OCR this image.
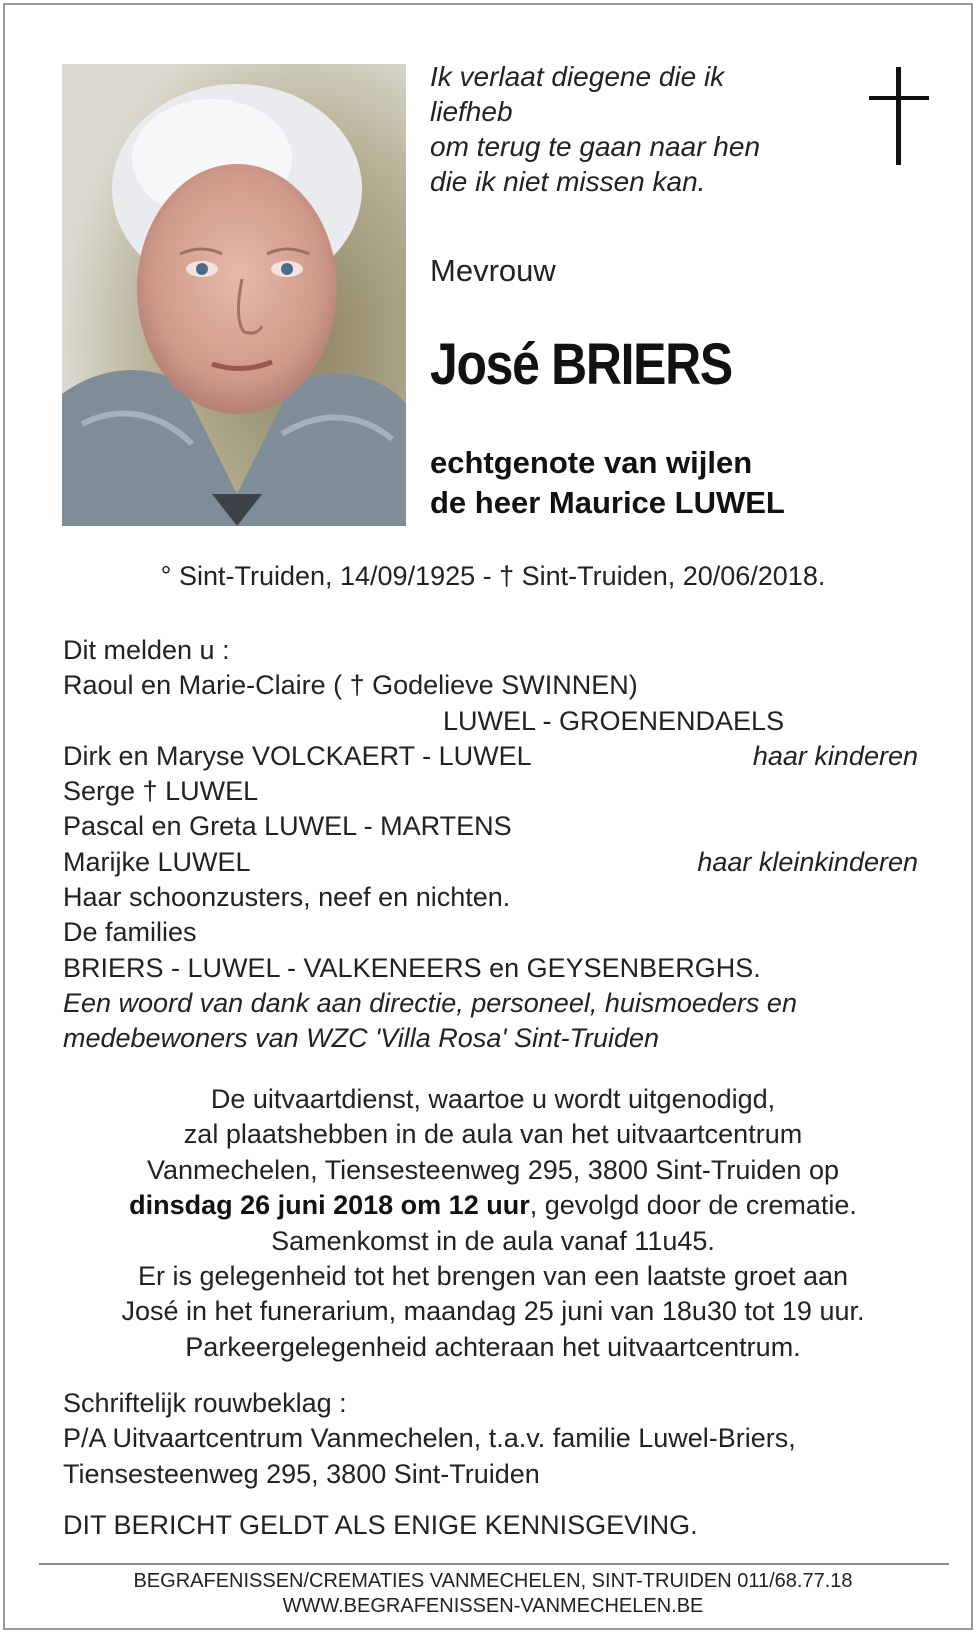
Ik verlaat diegene die ik
liefheb
om terug te gaan naar hen
die ik niet missen kan.
Mevrouw
José BRIERS
echtgenote van wijlen
de heer Maurice LUWEL
° Sint-Truiden, 14/09/1925 - † Sint-Truiden, 20/06/2018.
Dit melden u :
Raoul en Marie-Claire ( † Godelieve SWINNEN)
LUWEL - GROENENDAELS
Dirk en Maryse VOLCKAERT - LUWEL	haar kinderen
Serge † LUWEL
Pascal en Greta LUWEL - MARTENS
Marijke LUWEL	haar kleinkinderen
Haar schoonzusters, neef en nichten.
De families
BRIERS - LUWEL - VALKENEERS en GEYSENBERGHS.
Een woord van dank aan directie, personeel, huismoeders en
medebewoners van WZC 'Villa Rosa' Sint-Truiden
De uitvaartdienst, waartoe u wordt uitgenodigd,
zal plaatshebben in de aula van het uitvaartcentrum
Vanmechelen, Tiensesteenweg 295, 3800 Sint-Truiden op
dinsdag 26 juni 2018 om 12 uur, gevolgd door de crematie.
Samenkomst in de aula vanaf 11u45.
Er is gelegenheid tot het brengen van een laatste groet aan
José in het funerarium, maandag 25 juni van 18u30 tot 19 uur.
Parkeergelegenheid achteraan het uitvaartcentrum.
Schriftelijk rouwbeklag :
P/A Uitvaartcentrum Vanmechelen, t.a.v. familie Luwel-Briers,
Tiensesteenweg 295, 3800 Sint-Truiden
DIT BERICHT GELDT ALS ENIGE KENNISGEVING.
BEGRAFENISSEN/CREMATIES VANMECHELEN, SINT-TRUIDEN 011/68.77.18
WWW.BEGRAFENISSEN-VANMECHELEN.BE
